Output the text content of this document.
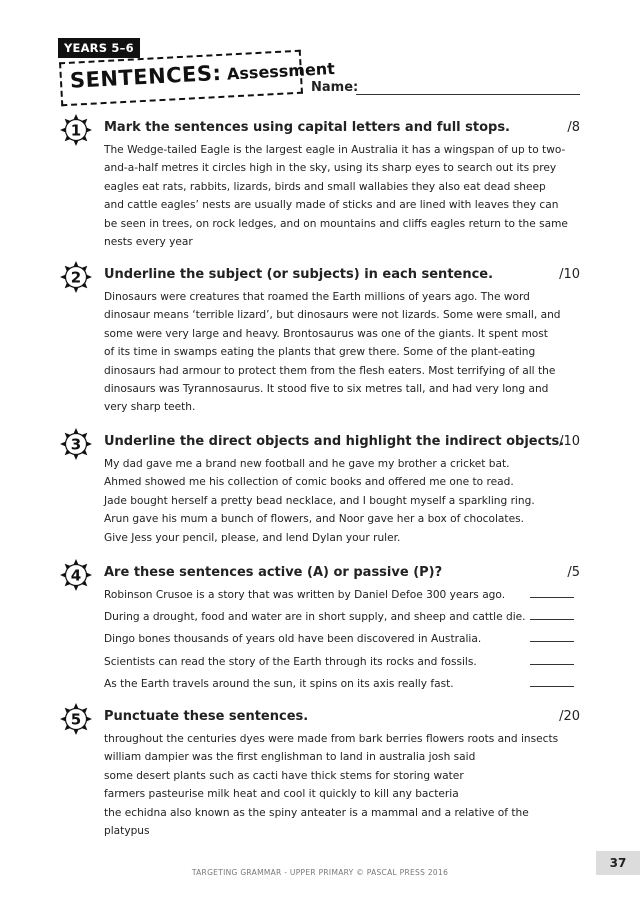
YEARS 5–6
SENTENCES: Assessment
Name:
1 Mark the sentences using capital letters and full stops.	/8

The Wedge-tailed Eagle is the largest eagle in Australia it has a wingspan of up to two-

and-a-half metres it circles high in the sky, using its sharp eyes to search out its prey

eagles eat rats, rabbits, lizards, birds and small wallabies they also eat dead sheep

and cattle eagles’ nests are usually made of sticks and are lined with leaves they can

be seen in trees, on rock ledges, and on mountains and cliffs eagles return to the same

nests every year

2 Underline the subject (or subjects) in each sentence.	/10

Dinosaurs were creatures that roamed the Earth millions of years ago. The word

dinosaur means ‘terrible lizard’, but dinosaurs were not lizards. Some were small, and

some were very large and heavy. Brontosaurus was one of the giants. It spent most

of its time in swamps eating the plants that grew there. Some of the plant-eating

dinosaurs had armour to protect them from the flesh eaters. Most terrifying of all the

dinosaurs was Tyrannosaurus. It stood five to six metres tall, and had very long and

very sharp teeth.

3 Underline the direct objects and highlight the indirect objects.
/10

My dad gave me a brand new football and he gave my brother a cricket bat.

Ahmed showed me his collection of comic books and offered me one to read.

Jade bought herself a pretty bead necklace, and I bought myself a sparkling ring.

Arun gave his mum a bunch of flowers, and Noor gave her a box of chocolates.

Give Jess your pencil, please, and lend Dylan your ruler.

4 Are these sentences active (A) or passive (P)?	/5
Robinson Crusoe is a story that was written by Daniel Defoe 300 years ago.
During a drought, food and water are in short supply, and sheep and cattle die.
Dingo bones thousands of years old have been discovered in Australia.
Scientists can read the story of the Earth through its rocks and fossils.
As the Earth travels around the sun, it spins on its axis really fast.
5 Punctuate these sentences.	/20

throughout the centuries dyes were made from bark berries flowers roots and insects

william dampier was the first englishman to land in australia josh said

some desert plants such as cacti have thick stems for storing water

farmers pasteurise milk heat and cool it quickly to kill any bacteria

the echidna also known as the spiny anteater is a mammal and a relative of the

platypus

TARGETING GRAMMAR - UPPER PRIMARY © PASCAL PRESS 2016
37
